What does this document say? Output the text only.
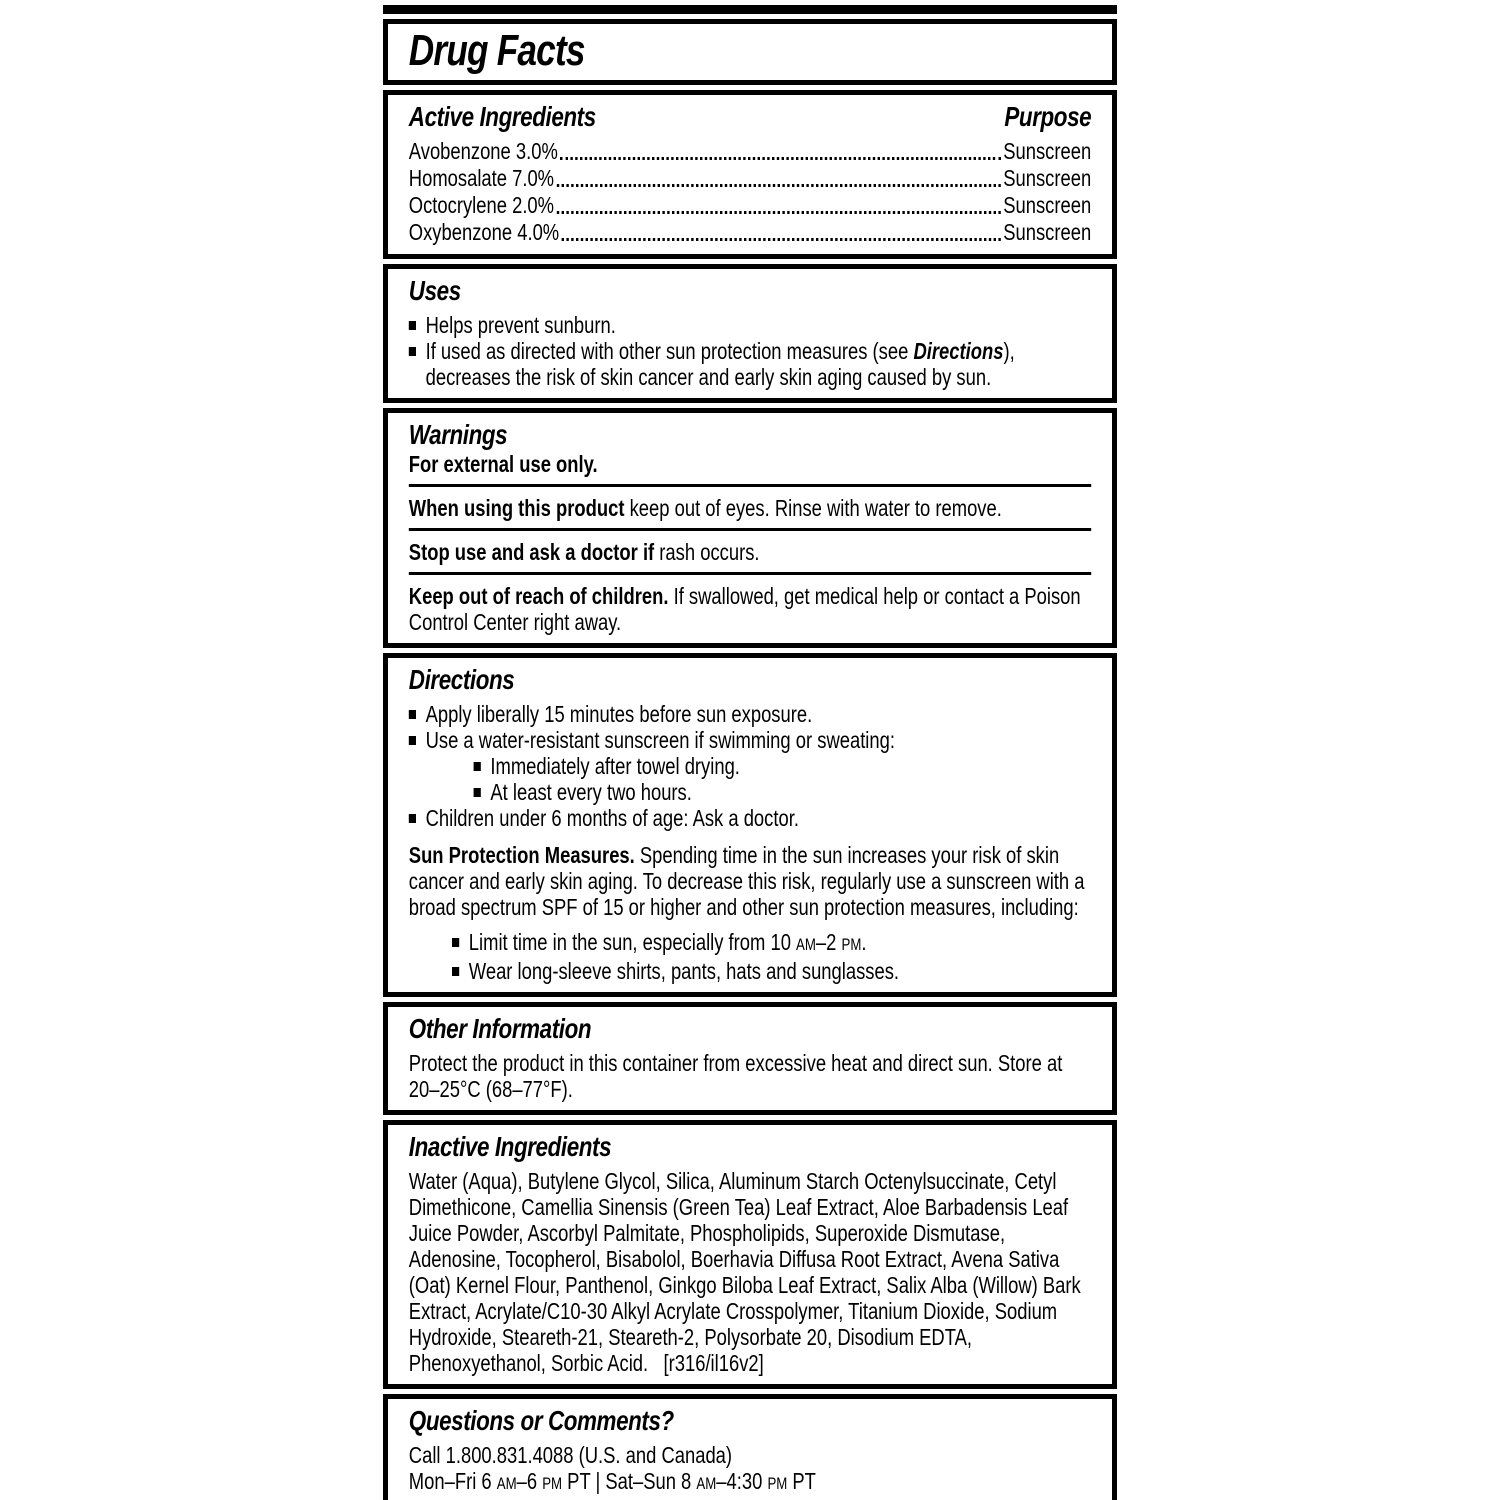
Drug Facts
Active Ingredients	Purpose
Avobenzone 3.0%	Sunscreen
Homosalate 7.0%	Sunscreen
Octocrylene 2.0%	Sunscreen
Oxybenzone 4.0%	Sunscreen
Uses
Helps prevent sunburn.
If used as directed with other sun protection measures (see Directions), decreases the risk of skin cancer and early skin aging caused by sun.
Warnings

For external use only.

When using this product keep out of eyes. Rinse with water to remove.

Stop use and ask a doctor if rash occurs.

Keep out of reach of children. If swallowed, get medical help or contact a Poison Control Center right away.

Directions
Apply liberally 15 minutes before sun exposure.
Use a water-resistant sunscreen if swimming or sweating:
Immediately after towel drying.
At least every two hours.
Children under 6 months of age: Ask a doctor.

Sun Protection Measures. Spending time in the sun increases your risk of skin cancer and early skin aging. To decrease this risk, regularly use a sunscreen with a broad spectrum SPF of 15 or higher and other sun protection measures, including:

Limit time in the sun, especially from 10 AM–2 PM.
Wear long-sleeve shirts, pants, hats and sunglasses.
Other Information

Protect the product in this container from excessive heat and direct sun. Store at 20–25°C (68–77°F).

Inactive Ingredients

Water (Aqua), Butylene Glycol, Silica, Aluminum Starch Octenylsuccinate, Cetyl Dimethicone, Camellia Sinensis (Green Tea) Leaf Extract, Aloe Barbadensis Leaf Juice Powder, Ascorbyl Palmitate, Phospholipids, Superoxide Dismutase, Adenosine, Tocopherol, Bisabolol, Boerhavia Diffusa Root Extract, Avena Sativa (Oat) Kernel Flour, Panthenol, Ginkgo Biloba Leaf Extract, Salix Alba (Willow) Bark Extract, Acrylate/C10-30 Alkyl Acrylate Crosspolymer, Titanium Dioxide, Sodium Hydroxide, Steareth-21, Steareth-2, Polysorbate 20, Disodium EDTA, Phenoxyethanol, Sorbic Acid.   [r316/il16v2]

Questions or Comments?

Call 1.800.831.4088 (U.S. and Canada)

Mon–Fri 6 AM–6 PM PT | Sat–Sun 8 AM–4:30 PM PT
